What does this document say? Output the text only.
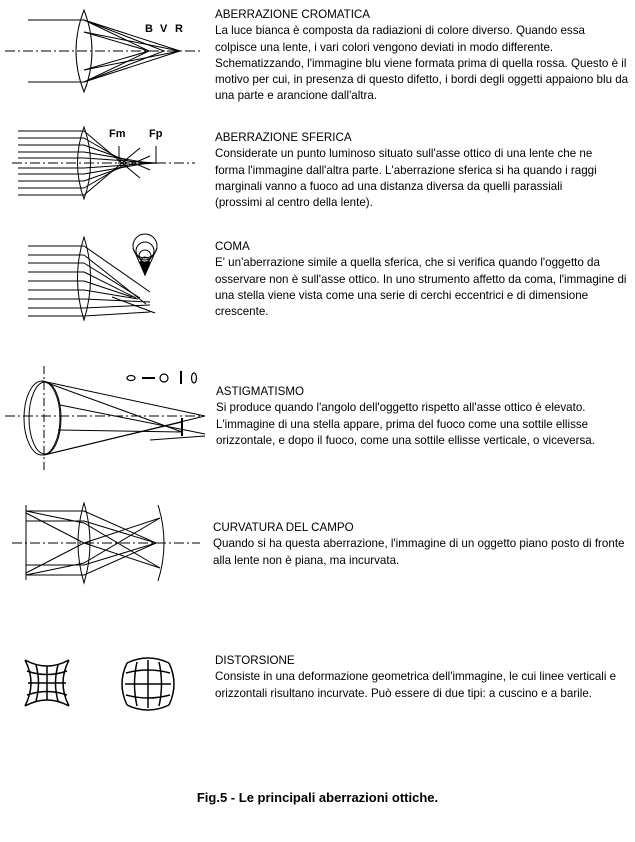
B V R

Fm Fp

ABERRAZIONE CROMATICA
La luce bianca è composta da radiazioni di colore diverso. Quando essa colpisce una lente, i vari colori vengono deviati in modo differente. Schematizzando, l'immagine blu viene formata prima di quella rossa. Questo è il motivo per cui, in presenza di questo difetto, i bordi degli oggetti appaiono blu da una parte e arancione dall'altra.
ABERRAZIONE SFERICA
Considerate un punto luminoso situato sull'asse ottico di una lente che ne forma l'immagine dall'altra parte. L'aberrazione sferica si ha quando i raggi marginali vanno a fuoco ad una distanza diversa da quelli parassiali (prossimi al centro della lente).
COMA
E' un'aberrazione simile a quella sferica, che si verifica quando l'oggetto da osservare non è sull'asse ottico. In uno strumento affetto da coma, l'immagine di una stella viene vista come una serie di cerchi eccentrici e di dimensione crescente.
ASTIGMATISMO
Si produce quando l'angolo dell'oggetto rispetto all'asse ottico è elevato. L'immagine di una stella appare, prima del fuoco come una sottile ellisse orizzontale, e dopo il fuoco, come una sottile ellisse verticale, o viceversa.
CURVATURA DEL CAMPO
Quando si ha questa aberrazione, l'immagine di un oggetto piano posto di fronte alla lente non è piana, ma incurvata.
DISTORSIONE
Consiste in una deformazione geometrica dell'immagine, le cui linee verticali e orizzontali risultano incurvate. Può essere di due tipi: a cuscino e a barile.

Fig.5 - Le principali aberrazioni ottiche.
